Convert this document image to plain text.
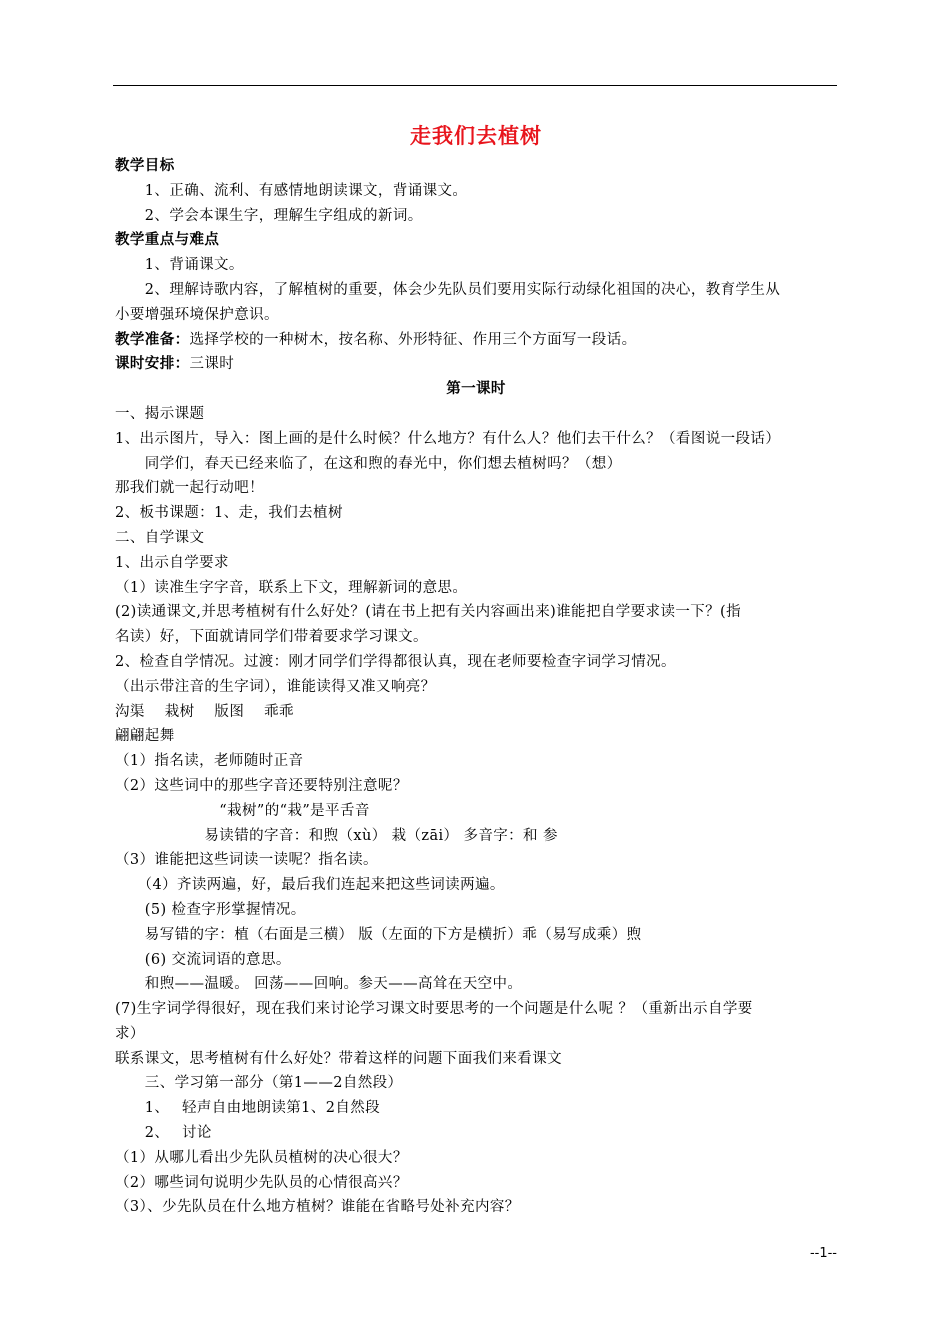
走我们去植树
教学目标
　　1、正确、流利、有感情地朗读课文，背诵课文。
　　2、学会本课生字，理解生字组成的新词。
教学重点与难点
　　1、背诵课文。
　　2、理解诗歌内容，了解植树的重要，体会少先队员们要用实际行动绿化祖国的决心，教育学生从
小要增强环境保护意识。
教学准备：选择学校的一种树木，按名称、外形特征、作用三个方面写一段话。
课时安排：三课时
第一课时
一、揭示课题
1、出示图片，导入：图上画的是什么时候？什么地方？有什么人？他们去干什么？（看图说一段话）
　　同学们，春天已经来临了，在这和煦的春光中，你们想去植树吗？（想）
那我们就一起行动吧！
2、板书课题：1、走，我们去植树
二、自学课文
1、出示自学要求
（1）读准生字字音，联系上下文，理解新词的意思。
(2)读通课文,并思考植树有什么好处？(请在书上把有关内容画出来)谁能把自学要求读一下？(指
名读）好，下面就请同学们带着要求学习课文。
2、检查自学情况。过渡：刚才同学们学得都很认真，现在老师要检查字词学习情况。
（出示带注音的生字词），谁能读得又准又响亮？
沟渠　 栽树　 版图　 乖乖
翩翩起舞
（1）指名读，老师随时正音
（2）这些词中的那些字音还要特别注意呢？
　　　　　　　“栽树”的“栽”是平舌音
　　　　　　易读错的字音：和煦（xù） 栽（zāi） 多音字：和 参
（3）谁能把这些词读一读呢？指名读。
　　（4）齐读两遍，好，最后我们连起来把这些词读两遍。
　　(5) 检查字形掌握情况。
　　易写错的字：植（右面是三横） 版（左面的下方是横折）乖（易写成乘）煦
　　(6) 交流词语的意思。
　　和煦——温暖。 回荡——回响。参天——高耸在天空中。
(7)生字词学得很好，现在我们来讨论学习课文时要思考的一个问题是什么呢 ？（重新出示自学要
求）
联系课文，思考植树有什么好处？带着这样的问题下面我们来看课文
　　三、学习第一部分（第1——2自然段）
　　1、　 轻声自由地朗读第1、2自然段
　　2、　 讨论
（1）从哪儿看出少先队员植树的决心很大？
（2）哪些词句说明少先队员的心情很高兴？
（3）、少先队员在什么地方植树？谁能在省略号处补充内容？
--1--
